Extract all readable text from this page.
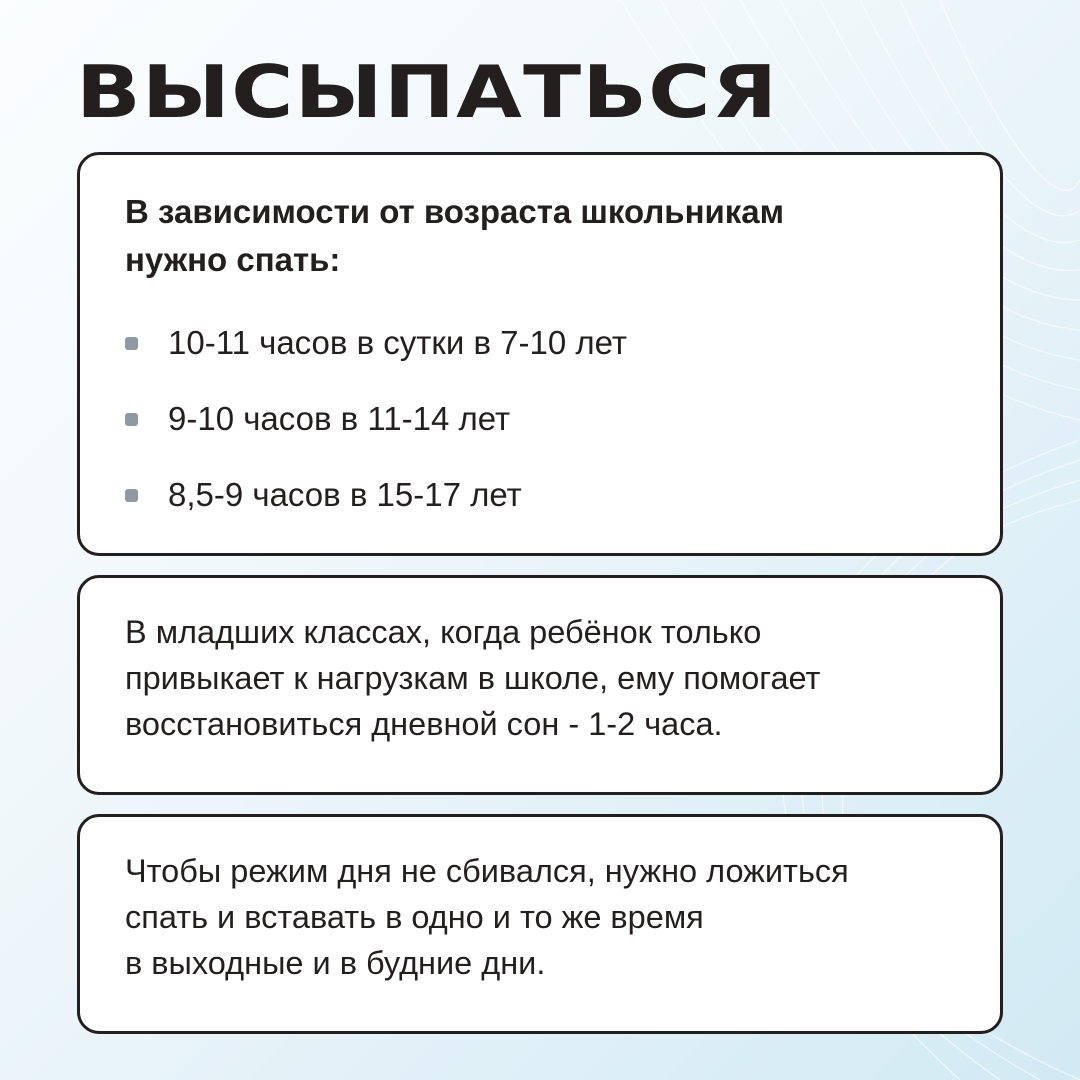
ВЫСЫПАТЬСЯ

В зависимости от возраста школьникам
нужно спать:

10-11 часов в сутки в 7-10 лет
9-10 часов в 11-14 лет
8,5-9 часов в 15-17 лет

В младших классах, когда ребёнок только
привыкает к нагрузкам в школе, ему помогает
восстановиться дневной сон - 1-2 часа.

Чтобы режим дня не сбивался, нужно ложиться
спать и вставать в одно и то же время
в выходные и в будние дни.
